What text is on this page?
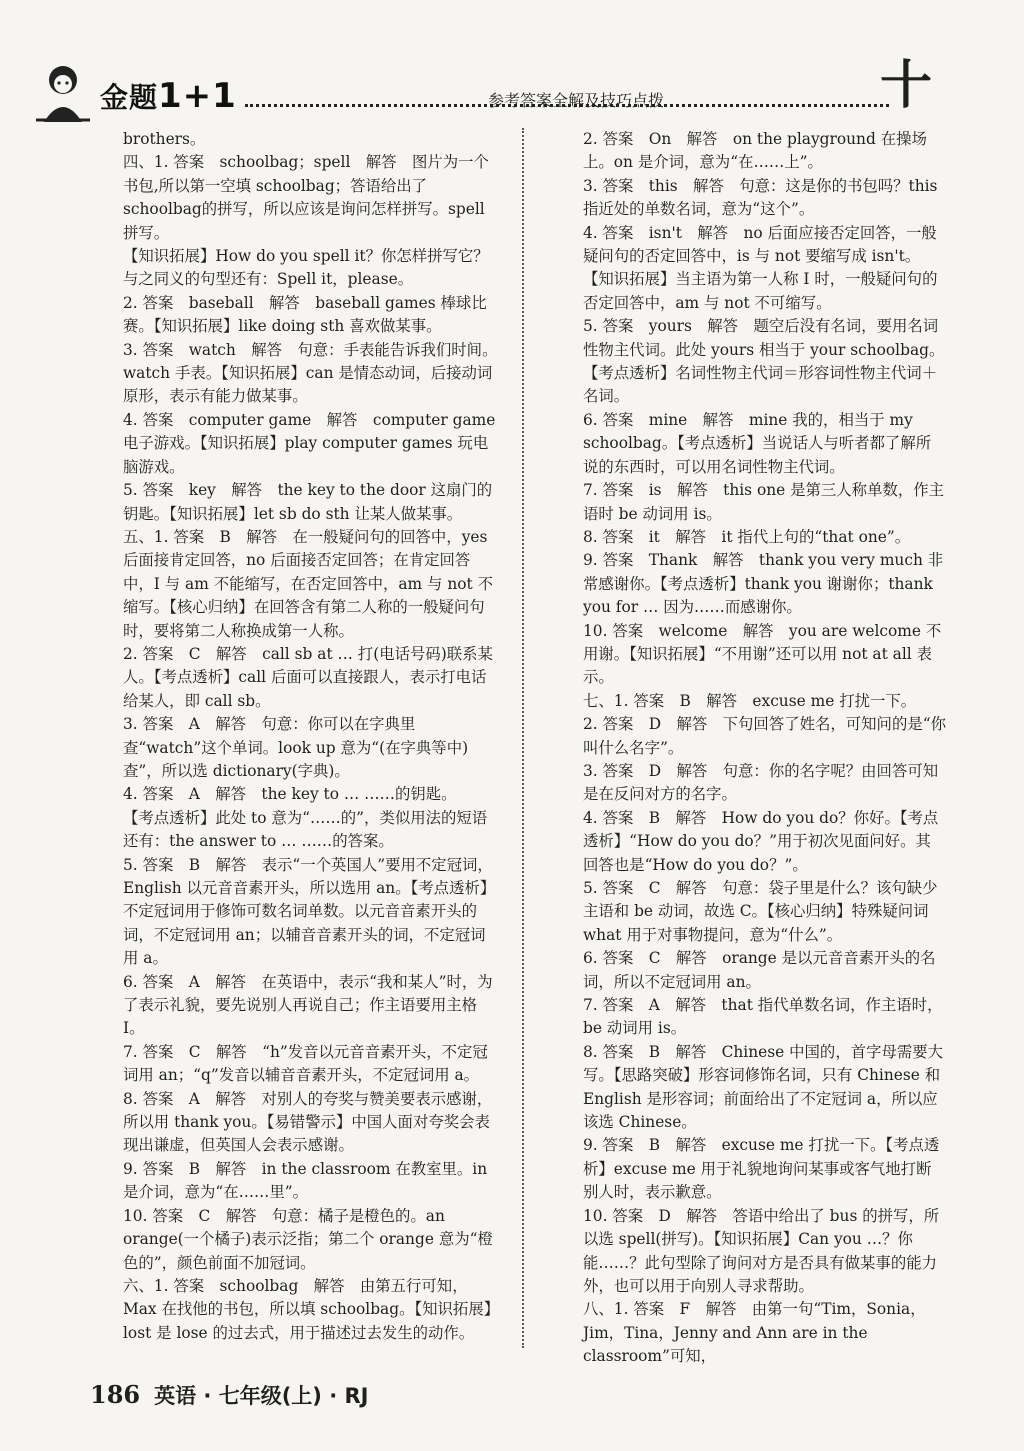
金题1+1	参考答案全解及技巧点拨	十

brothers。

四、1. 答案　schoolbag；spell　解答　图片为一个书包,所以第一空填 schoolbag；答语给出了 schoolbag的拼写，所以应该是询问怎样拼写。spell 拼写。

【知识拓展】How do you spell it？你怎样拼写它？与之同义的句型还有：Spell it，please。

2. 答案　baseball　解答　baseball games 棒球比赛。【知识拓展】like doing sth 喜欢做某事。

3. 答案　watch　解答　句意：手表能告诉我们时间。watch 手表。【知识拓展】can 是情态动词，后接动词原形，表示有能力做某事。

4. 答案　computer game　解答　computer game 电子游戏。【知识拓展】play computer games 玩电脑游戏。

5. 答案　key　解答　the key to the door 这扇门的钥匙。【知识拓展】let sb do sth 让某人做某事。

五、1. 答案　B　解答　在一般疑问句的回答中，yes 后面接肯定回答，no 后面接否定回答；在肯定回答中，I 与 am 不能缩写，在否定回答中，am 与 not 不缩写。【核心归纳】在回答含有第二人称的一般疑问句时，要将第二人称换成第一人称。

2. 答案　C　解答　call sb at … 打(电话号码)联系某人。【考点透析】call 后面可以直接跟人，表示打电话给某人，即 call sb。

3. 答案　A　解答　句意：你可以在字典里查“watch”这个单词。look up 意为“(在字典等中)查”，所以选 dictionary(字典)。

4. 答案　A　解答　the key to … ……的钥匙。

【考点透析】此处 to 意为“……的”，类似用法的短语还有：the answer to … ……的答案。

5. 答案　B　解答　表示“一个英国人”要用不定冠词，English 以元音音素开头，所以选用 an。【考点透析】不定冠词用于修饰可数名词单数。以元音音素开头的词，不定冠词用 an；以辅音音素开头的词，不定冠词用 a。

6. 答案　A　解答　在英语中，表示“我和某人”时，为了表示礼貌，要先说别人再说自己；作主语要用主格 I。

7. 答案　C　解答　“h”发音以元音音素开头，不定冠词用 an；“q”发音以辅音音素开头，不定冠词用 a。

8. 答案　A　解答　对别人的夸奖与赞美要表示感谢，所以用 thank you。【易错警示】中国人面对夸奖会表现出谦虚，但英国人会表示感谢。

9. 答案　B　解答　in the classroom 在教室里。in 是介词，意为“在……里”。

10. 答案　C　解答　句意：橘子是橙色的。an orange(一个橘子)表示泛指；第二个 orange 意为“橙色的”，颜色前面不加冠词。

六、1. 答案　schoolbag　解答　由第五行可知，Max 在找他的书包，所以填 schoolbag。【知识拓展】lost 是 lose 的过去式，用于描述过去发生的动作。

2. 答案　On　解答　on the playground 在操场上。on 是介词，意为“在……上”。

3. 答案　this　解答　句意：这是你的书包吗？this 指近处的单数名词，意为“这个”。

4. 答案　isn't　解答　no 后面应接否定回答，一般疑问句的否定回答中，is 与 not 要缩写成 isn't。

【知识拓展】当主语为第一人称 I 时，一般疑问句的否定回答中，am 与 not 不可缩写。

5. 答案　yours　解答　题空后没有名词，要用名词性物主代词。此处 yours 相当于 your schoolbag。

【考点透析】名词性物主代词＝形容词性物主代词＋名词。

6. 答案　mine　解答　mine 我的，相当于 my schoolbag。【考点透析】当说话人与听者都了解所说的东西时，可以用名词性物主代词。

7. 答案　is　解答　this one 是第三人称单数，作主语时 be 动词用 is。

8. 答案　it　解答　it 指代上句的“that one”。

9. 答案　Thank　解答　thank you very much 非常感谢你。【考点透析】thank you 谢谢你；thank you for … 因为……而感谢你。

10. 答案　welcome　解答　you are welcome 不用谢。【知识拓展】“不用谢”还可以用 not at all 表示。

七、1. 答案　B　解答　excuse me 打扰一下。

2. 答案　D　解答　下句回答了姓名，可知问的是“你叫什么名字”。

3. 答案　D　解答　句意：你的名字呢？由回答可知是在反问对方的名字。

4. 答案　B　解答　How do you do？你好。【考点透析】“How do you do？”用于初次见面问好。其回答也是“How do you do？”。

5. 答案　C　解答　句意：袋子里是什么？该句缺少主语和 be 动词，故选 C。【核心归纳】特殊疑问词 what 用于对事物提问，意为“什么”。

6. 答案　C　解答　orange 是以元音音素开头的名词，所以不定冠词用 an。

7. 答案　A　解答　that 指代单数名词，作主语时，be 动词用 is。

8. 答案　B　解答　Chinese 中国的，首字母需要大写。【思路突破】形容词修饰名词，只有 Chinese 和 English 是形容词；前面给出了不定冠词 a，所以应该选 Chinese。

9. 答案　B　解答　excuse me 打扰一下。【考点透析】excuse me 用于礼貌地询问某事或客气地打断别人时，表示歉意。

10. 答案　D　解答　答语中给出了 bus 的拼写，所以选 spell(拼写)。【知识拓展】Can you …？你能……？此句型除了询问对方是否具有做某事的能力外，也可以用于向别人寻求帮助。

八、1. 答案　F　解答　由第一句“Tim，Sonia，Jim，Tina，Jenny and Ann are in the classroom”可知，

186 英语 · 七年级(上) · RJ
